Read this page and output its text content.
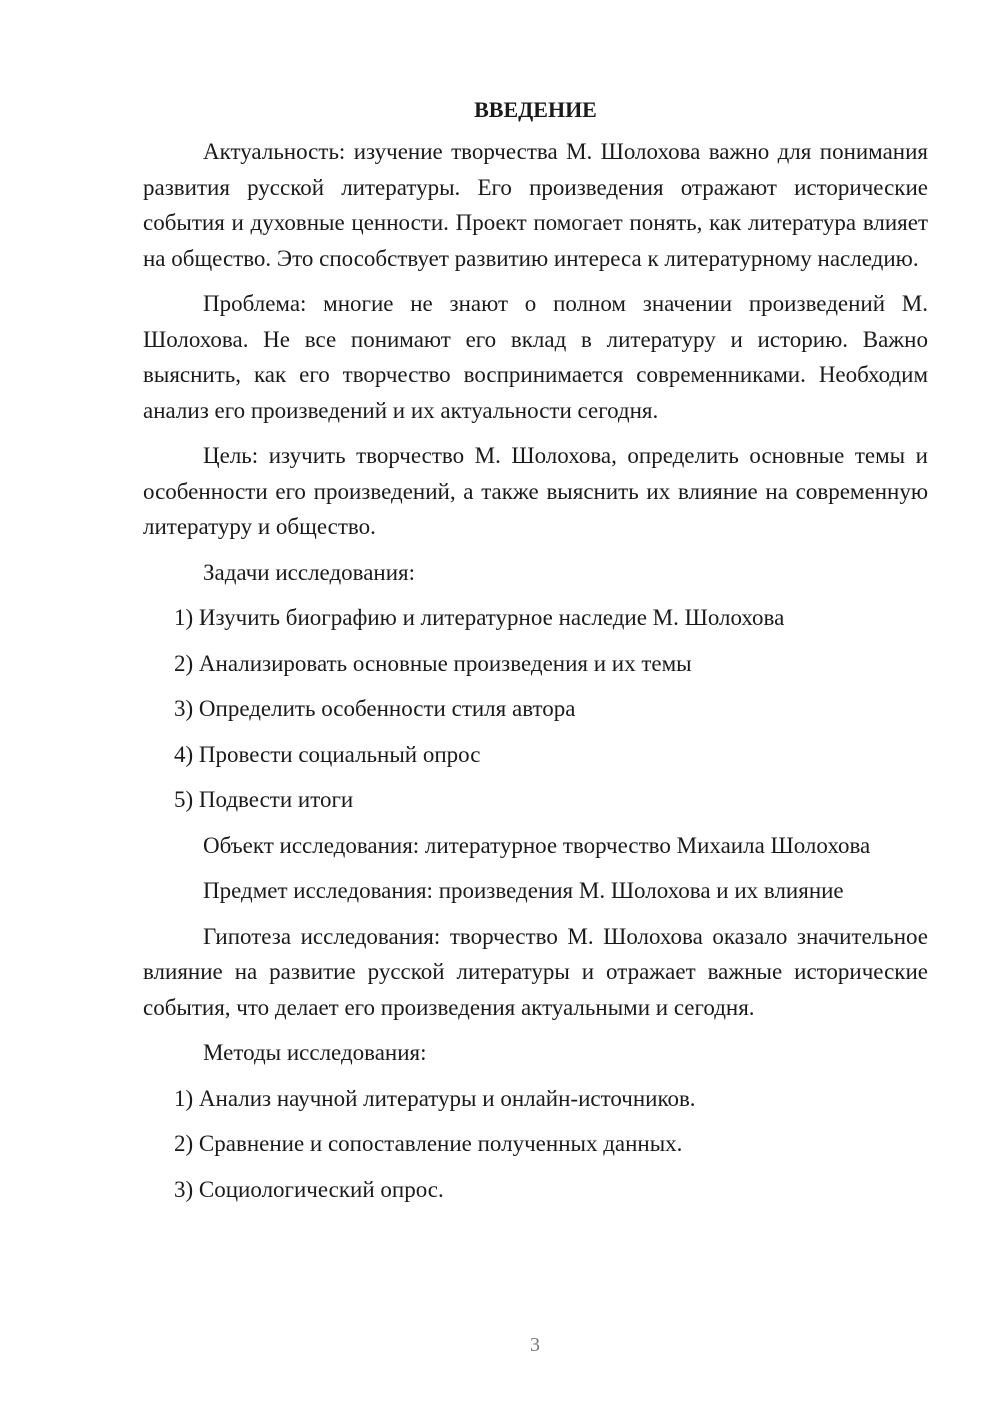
ВВЕДЕНИЕ

Актуальность: изучение творчества М. Шолохова важно для понимания развития русской литературы. Его произведения отражают исторические события и духовные ценности. Проект помогает понять, как литература влияет на общество. Это способствует развитию интереса к литературному наследию.

Проблема: многие не знают о полном значении произведений М. Шолохова. Не все понимают его вклад в литературу и историю. Важно выяснить, как его творчество воспринимается современниками. Необходим анализ его произведений и их актуальности сегодня.

Цель: изучить творчество М. Шолохова, определить основные темы и особенности его произведений, а также выяснить их влияние на современную литературу и общество.

Задачи исследования:
1) Изучить биографию и литературное наследие М. Шолохова
2) Анализировать основные произведения и их темы
3) Определить особенности стиля автора
4) Провести социальный опрос
5) Подвести итоги

Объект исследования: литературное творчество Михаила Шолохова

Предмет исследования: произведения М. Шолохова и их влияние

Гипотеза исследования: творчество М. Шолохова оказало значительное влияние на развитие русской литературы и отражает важные исторические события, что делает его произведения актуальными и сегодня.

Методы исследования:
1) Анализ научной литературы и онлайн-источников.
2) Сравнение и сопоставление полученных данных.
3) Социологический опрос.
3
